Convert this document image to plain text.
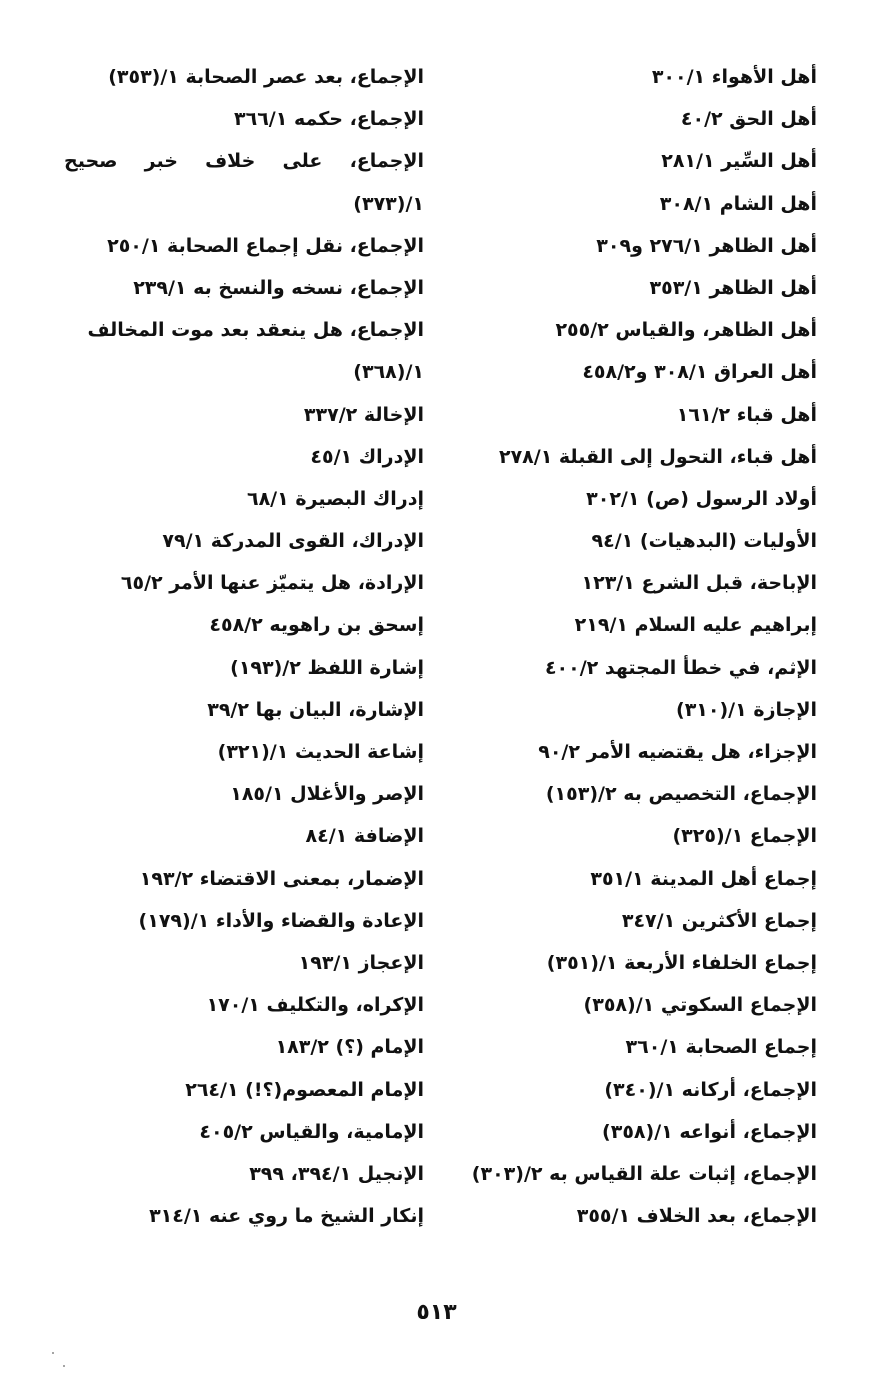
أهل الأهواء ٣٠٠/١
أهل الحق ٤٠/٢
أهل السِّير ٢٨١/١
أهل الشام ٣٠٨/١
أهل الظاهر ٢٧٦/١ و٣٠٩
أهل الظاهر ٣٥٣/١
أهل الظاهر، والقياس ٢٥٥/٢
أهل العراق ٣٠٨/١ و٤٥٨/٢
أهل قباء ١٦١/٢
أهل قباء، التحول إلى القبلة ٢٧٨/١
أولاد الرسول (ص) ٣٠٢/١
الأوليات (البدهيات) ٩٤/١
الإباحة، قبل الشرع ١٢٣/١
إبراهيم عليه السلام ٢١٩/١
الإثم، في خطأ المجتهد ٤٠٠/٢
الإجازة ١/(٣١٠)
الإجزاء، هل يقتضيه الأمر ٩٠/٢
الإجماع، التخصيص به ٢/(١٥٣)
الإجماع ١/(٣٢٥)
إجماع أهل المدينة ٣٥١/١
إجماع الأكثرين ٣٤٧/١
إجماع الخلفاء الأربعة ١/(٣٥١)
الإجماع السكوتي ١/(٣٥٨)
إجماع الصحابة ٣٦٠/١
الإجماع، أركانه ١/(٣٤٠)
الإجماع، أنواعه ١/(٣٥٨)
الإجماع، إثبات علة القياس به ٢/(٣٠٣)
الإجماع، بعد الخلاف ٣٥٥/١
الإجماع، بعد عصر الصحابة ١/(٣٥٣)
الإجماع، حكمه ٣٦٦/١
الإجماع، على خلاف خبر صحيح
١/(٣٧٣)
الإجماع، نقل إجماع الصحابة ٢٥٠/١
الإجماع، نسخه والنسخ به ٢٣٩/١
الإجماع، هل ينعقد بعد موت المخالف
١/(٣٦٨)
الإخالة ٣٣٧/٢
الإدراك ٤٥/١
إدراك البصيرة ٦٨/١
الإدراك، القوى المدركة ٧٩/١
الإرادة، هل يتميّز عنها الأمر ٦٥/٢
إسحق بن راهويه ٤٥٨/٢
إشارة اللفظ ٢/(١٩٣)
الإشارة، البيان بها ٣٩/٢
إشاعة الحديث ١/(٣٢١)
الإصر والأغلال ١٨٥/١
الإضافة ٨٤/١
الإضمار، بمعنى الاقتضاء ١٩٣/٢
الإعادة والقضاء والأداء ١/(١٧٩)
الإعجاز ١٩٣/١
الإكراه، والتكليف ١٧٠/١
الإمام (؟) ١٨٣/٢
الإمام المعصوم(؟!) ٢٦٤/١
الإمامية، والقياس ٤٠٥/٢
الإنجيل ٣٩٤/١، ٣٩٩
إنكار الشيخ ما روي عنه ٣١٤/١
٥١٣
